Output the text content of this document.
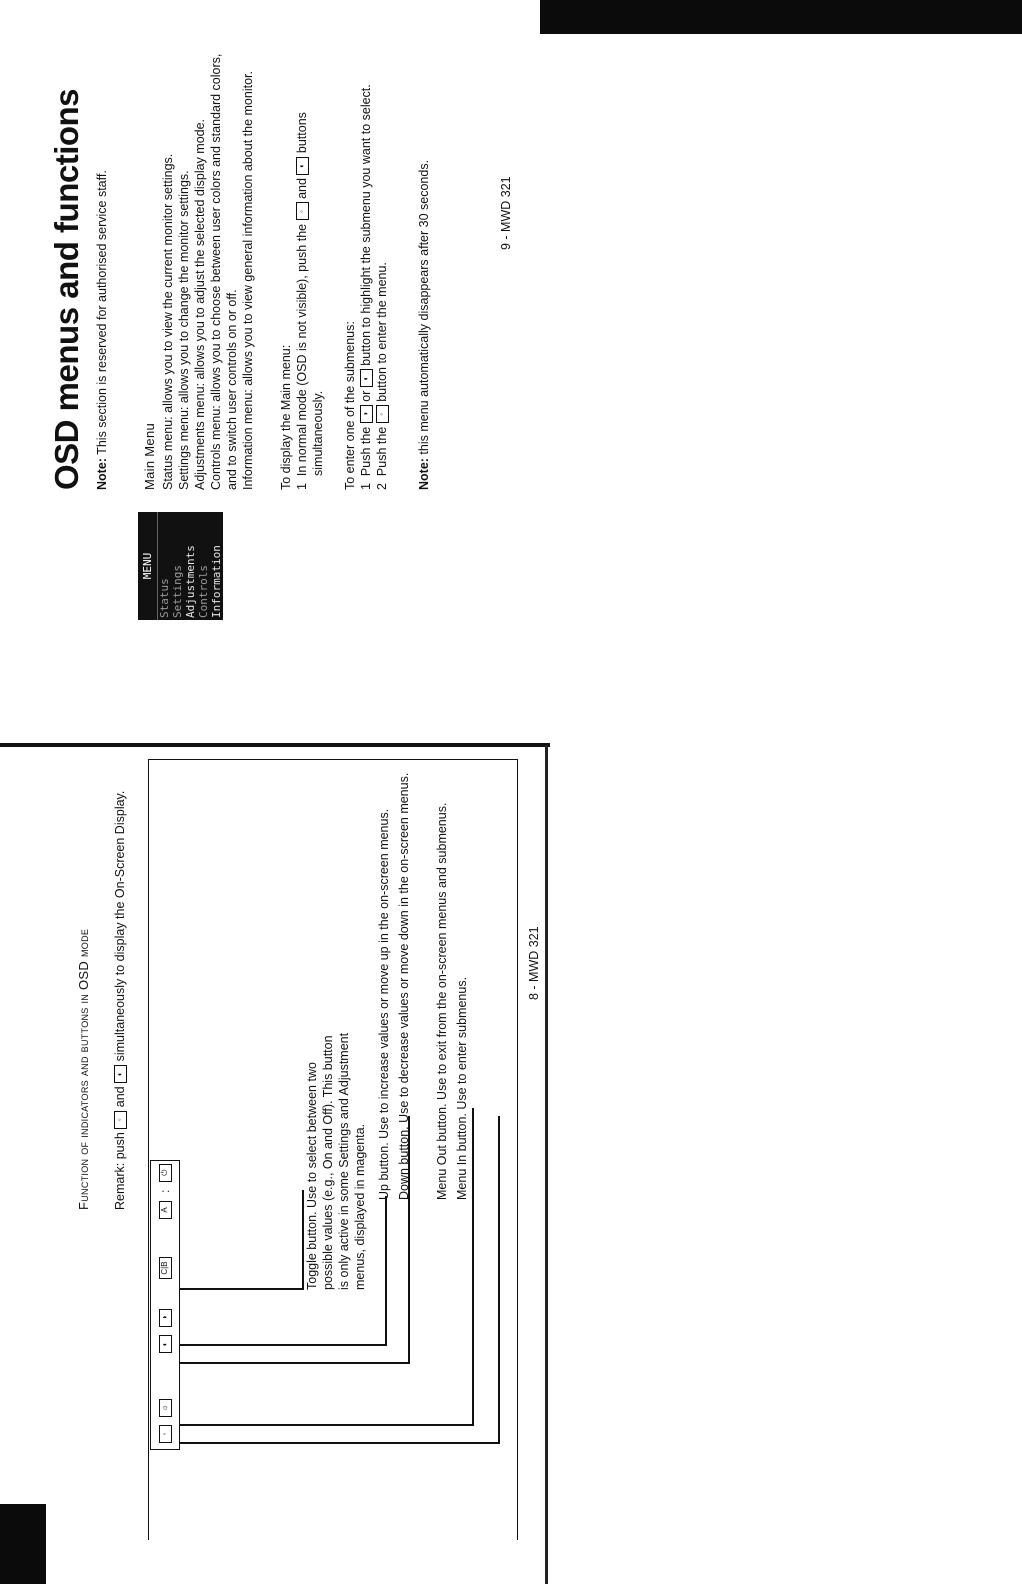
OSD menus and functions Note: This section is reserved for authorised service staff.
Main Menu Status menu: allows you to view the current monitor settings. Settings menu: allows you to change the monitor settings. Adjustments menu: allows you to adjust the selected display mode. Controls menu: allows you to choose between user colors and standard colors, and to switch user controls on or off. Information menu: allows you to view general information about the monitor. To display the Main menu: 1  In normal mode (OSD is not visible), push the ◦ and ◐ buttons
simultaneously. To enter one of the submenus: 1  Push the ◑ or ◐ button to highlight the submenu you want to select.
2  Push the ◦ button to enter the menu.
Note: this menu automatically disappears after 30 seconds.
MENU
Status Settings Adjustments Controls Information
9 - MWD 321
Function of indicators and buttons in OSD mode Remark: push ◦ and ◐ simultaneously to display the On-Screen Display.
◦
☼
◐
◑
C|B
A
:
⏻	Toggle button. Use to select between two possible values (e.g., On and Off). This button is only active in some Settings and Adjustment menus, displayed in magenta.
Up button. Use to increase values or move up in the on-screen menus. Down button. Use to decrease values or move down in the on-screen menus. Menu Out button. Use to exit from the on-screen menus and submenus. Menu In button. Use to enter submenus.
8 - MWD 321
